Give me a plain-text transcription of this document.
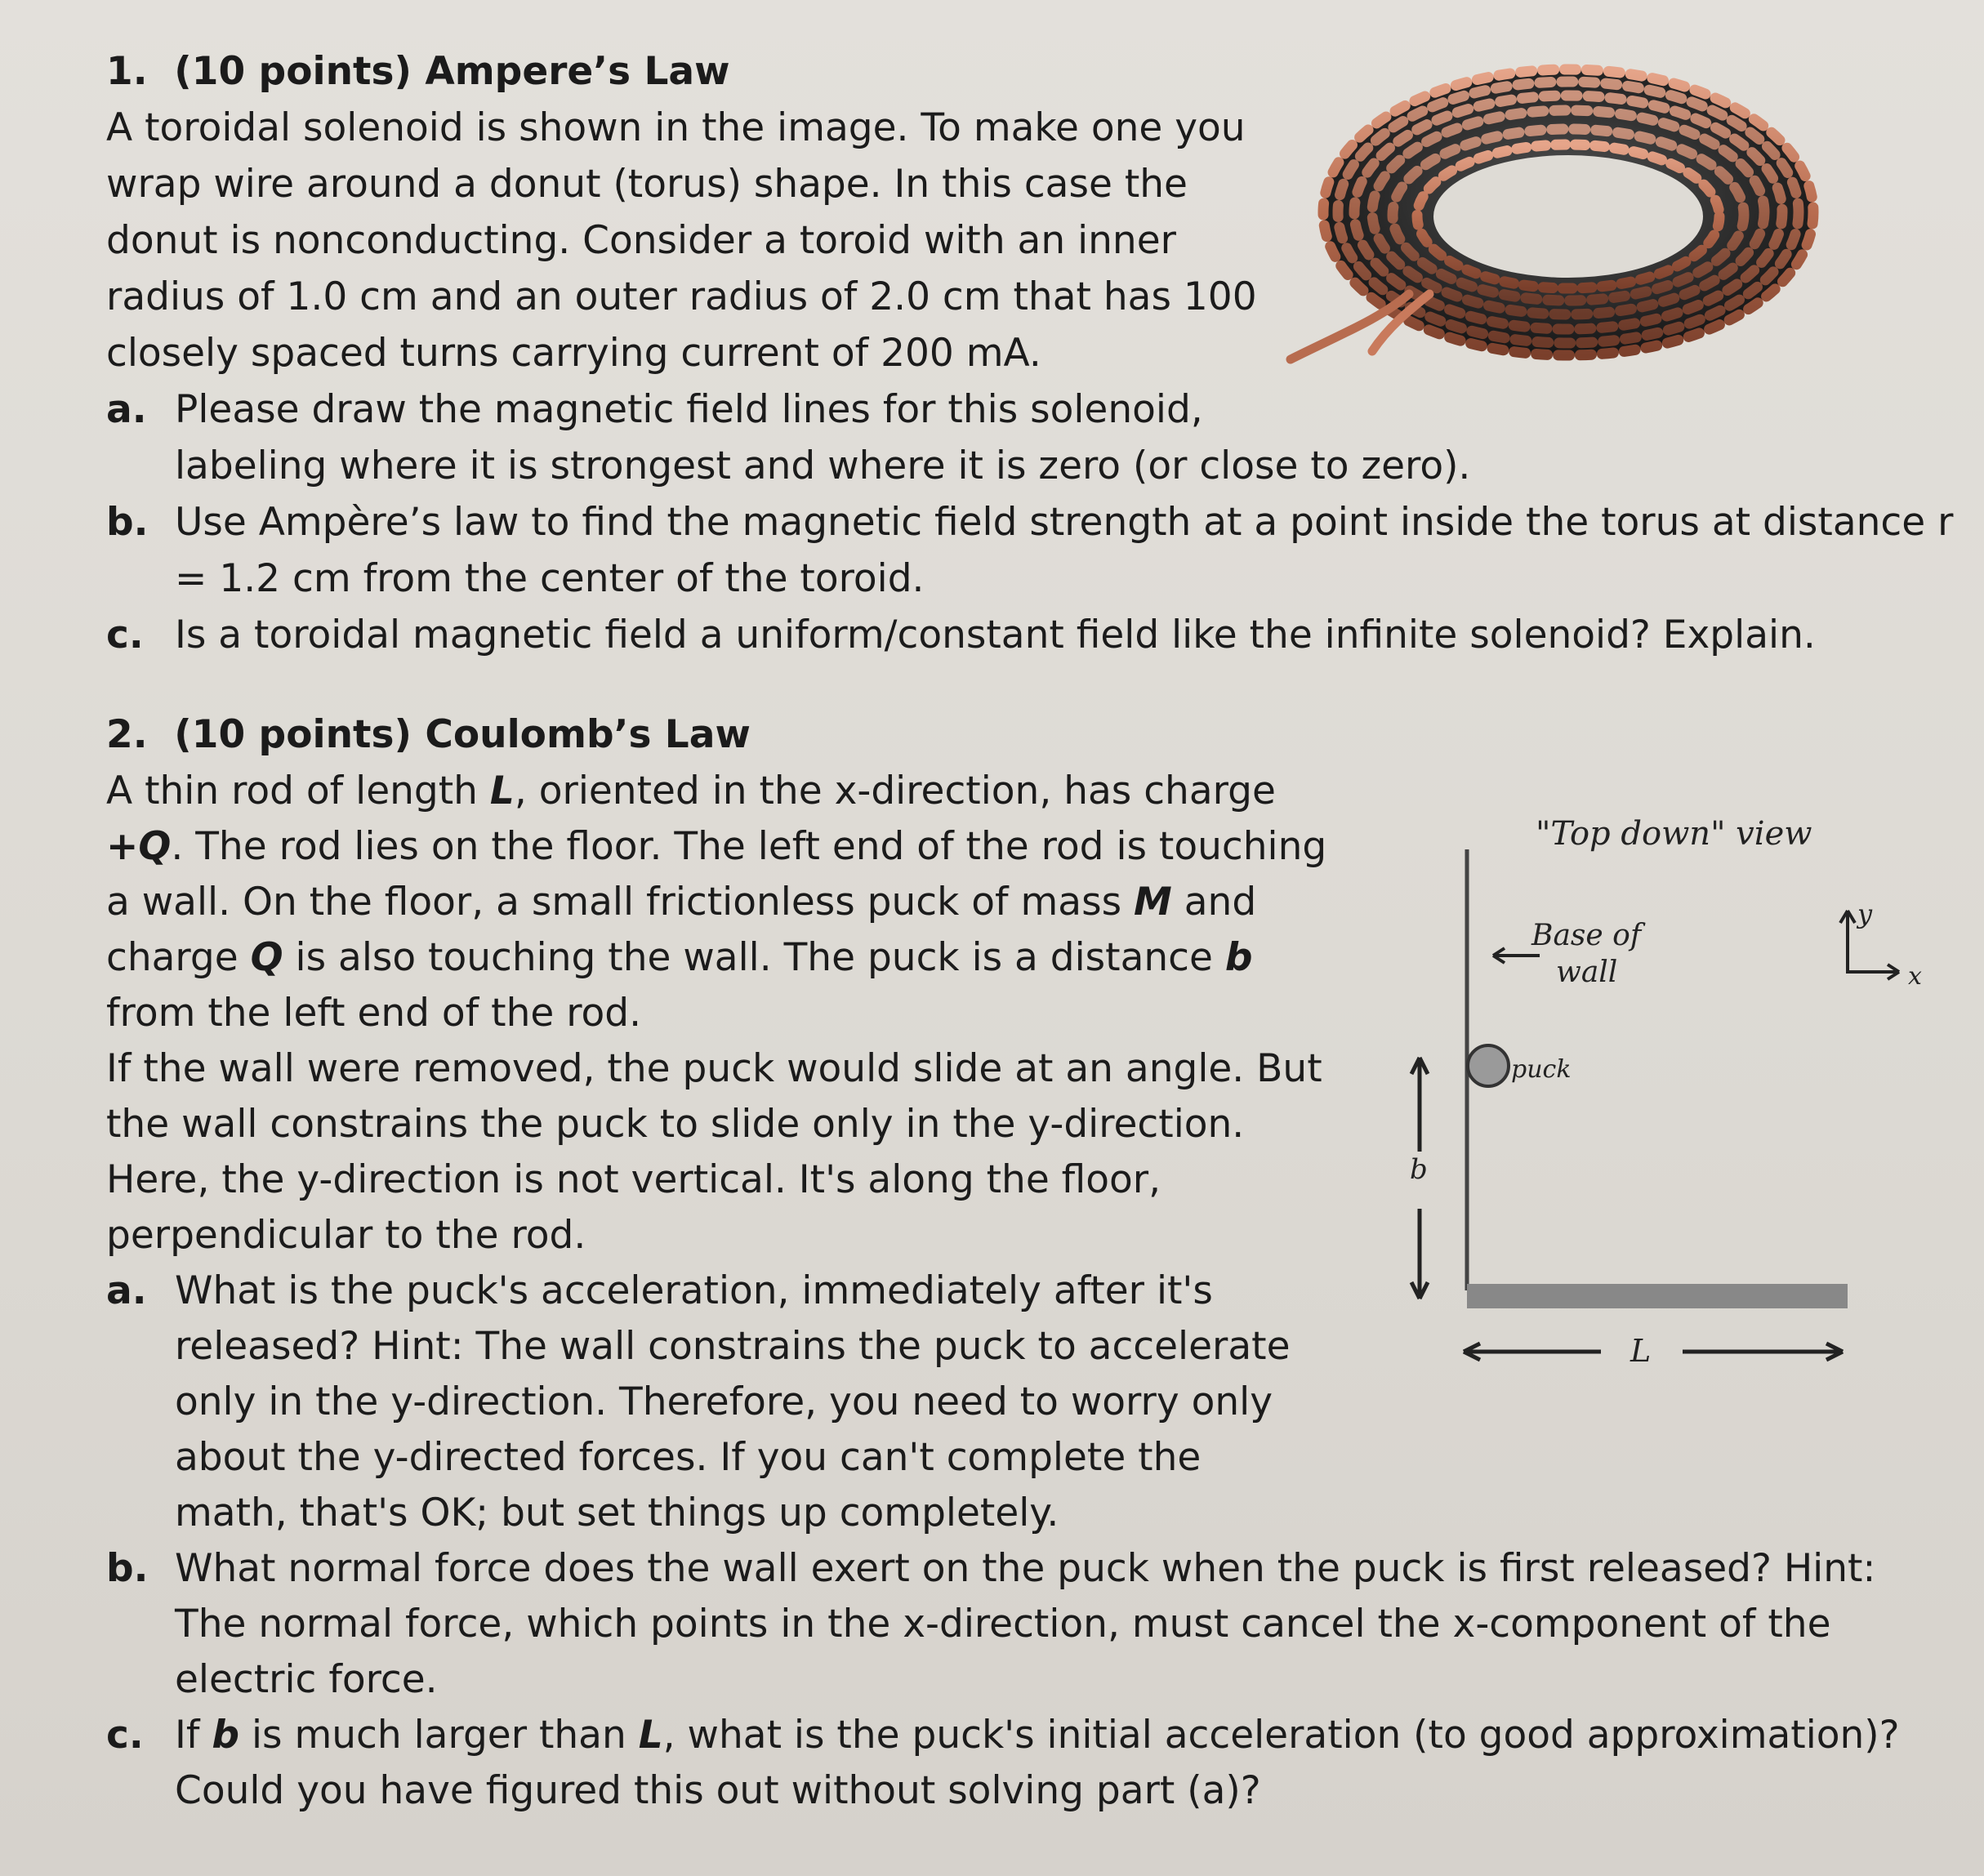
1. (10 points) Ampere’s Law

A toroidal solenoid is shown in the image. To make one you

wrap wire around a donut (torus) shape. In this case the

donut is nonconducting. Consider a toroid with an inner

radius of 1.0 cm and an outer radius of 2.0 cm that has 100

closely spaced turns carrying current of 200 mA.

a. Please draw the magnetic field lines for this solenoid,

labeling where it is strongest and where it is zero (or close to zero).

b. Use Ampère’s law to find the magnetic field strength at a point inside the torus at distance r

= 1.2 cm from the center of the toroid.

c. Is a toroidal magnetic field a uniform/constant field like the infinite solenoid? Explain.

2. (10 points) Coulomb’s Law

A thin rod of length L, oriented in the x-direction, has charge

+Q. The rod lies on the floor. The left end of the rod is touching

a wall. On the floor, a small frictionless puck of mass M and

charge Q is also touching the wall. The puck is a distance b

from the left end of the rod.

If the wall were removed, the puck would slide at an angle. But

the wall constrains the puck to slide only in the y-direction.

Here, the y-direction is not vertical. It's along the floor,

perpendicular to the rod.

a. What is the puck's acceleration, immediately after it's

released? Hint: The wall constrains the puck to accelerate

only in the y-direction. Therefore, you need to worry only

about the y-directed forces. If you can't complete the

math, that's OK; but set things up completely.

b. What normal force does the wall exert on the puck when the puck is first released? Hint:

The normal force, which points in the x-direction, must cancel the x-component of the

electric force.

c. If b is much larger than L, what is the puck's initial acceleration (to good approximation)?

Could you have figured this out without solving part (a)?

"Top down" view
Base of
wall
puck
b
L
y
x
